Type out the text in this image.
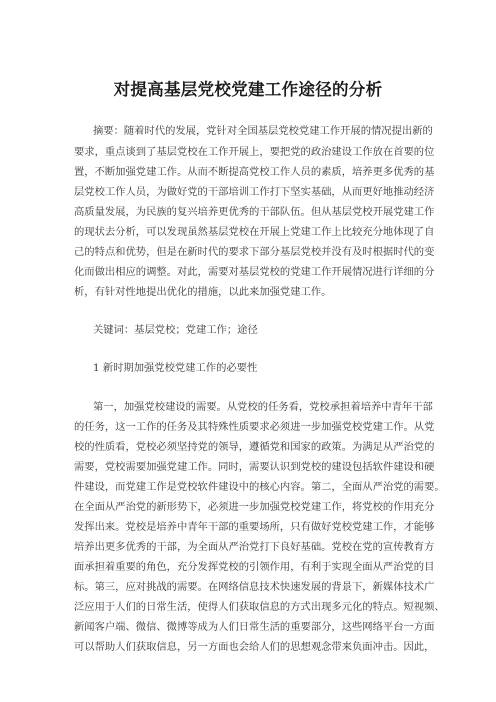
对提高基层党校党建工作途径的分析
摘要：随着时代的发展，党针对全国基层党校党建工作开展的情况提出新的
要求，重点谈到了基层党校在工作开展上，要把党的政治建设工作放在首要的位
置，不断加强党建工作。从而不断提高党校工作人员的素质，培养更多优秀的基
层党校工作人员，为做好党的干部培训工作打下坚实基础，从而更好地推动经济
高质量发展，为民族的复兴培养更优秀的干部队伍。但从基层党校开展党建工作
的现状去分析，可以发现虽然基层党校在开展上党建工作上比较充分地体现了自
己的特点和优势，但是在新时代的要求下部分基层党校并没有及时根据时代的变
化而做出相应的调整。对此，需要对基层党校的党建工作开展情况进行详细的分
析，有针对性地提出优化的措施，以此来加强党建工作。
关键词：基层党校；党建工作；途径
1 新时期加强党校党建工作的必要性
第一，加强党校建设的需要。从党校的任务看，党校承担着培养中青年干部
的任务，这一工作的任务及其特殊性质要求必须进一步加强党校党建工作。从党
校的性质看，党校必须坚持党的领导，遵循党和国家的政策。为满足从严治党的
需要，党校需要加强党建工作。同时，需要认识到党校的建设包括软件建设和硬
件建设，而党建工作是党校软件建设中的核心内容。第二，全面从严治党的需要。
在全面从严治党的新形势下，必须进一步加强党校党建工作，将党校的作用充分
发挥出来。党校是培养中青年干部的重要场所，只有做好党校党建工作，才能够
培养出更多优秀的干部，为全面从严治党打下良好基础。党校在党的宣传教育方
面承担着重要的角色，充分发挥党校的引领作用，有利于实现全面从严治党的目
标。第三，应对挑战的需要。在网络信息技术快速发展的背景下，新媒体技术广
泛应用于人们的日常生活，使得人们获取信息的方式出现多元化的特点。短视频、
新闻客户端、微信、微博等成为人们日常生活的重要部分，这些网络平台一方面
可以帮助人们获取信息，另一方面也会给人们的思想观念带来负面冲击。因此，
